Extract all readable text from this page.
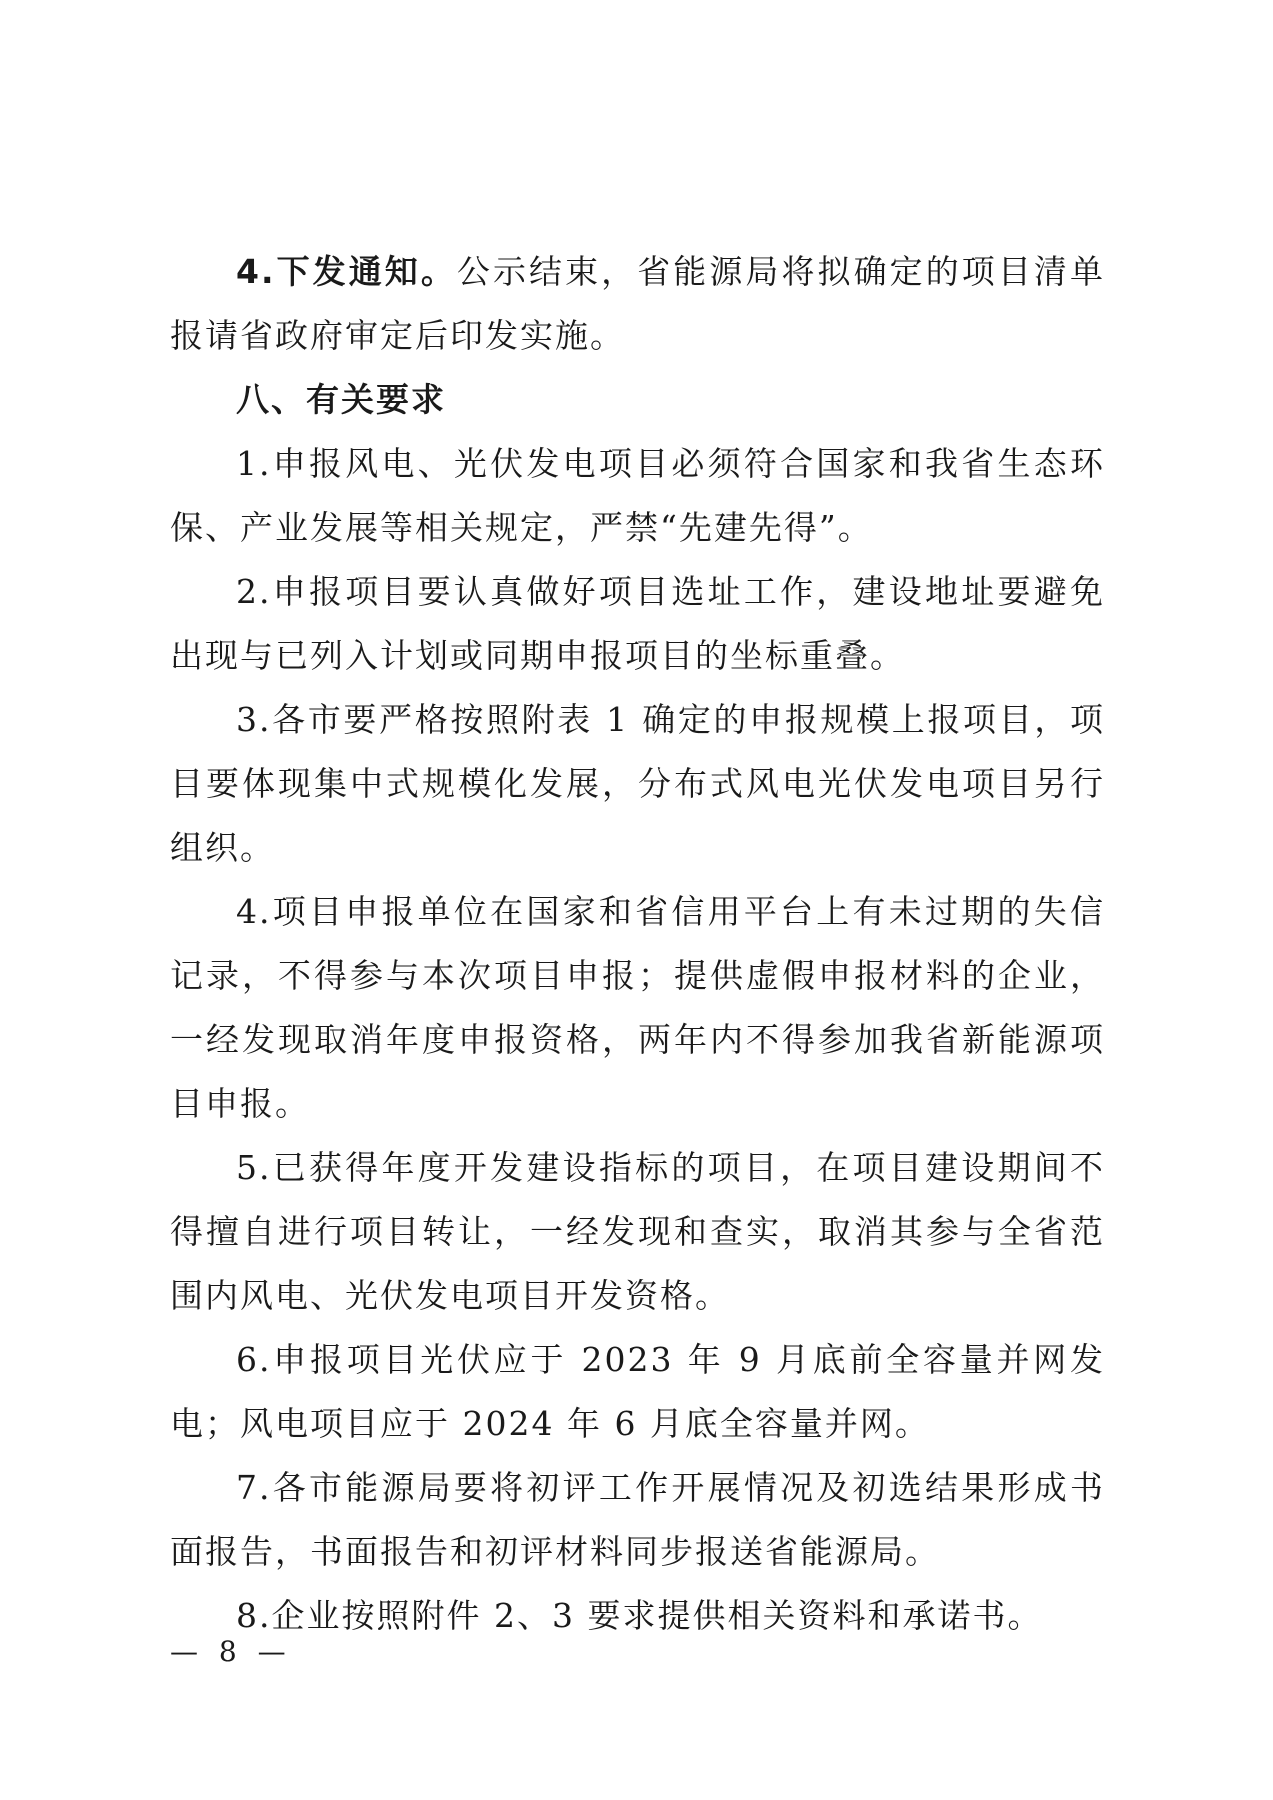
4.下发通知。公示结束，省能源局将拟确定的项目清单报请省政府审定后印发实施。

八、有关要求

1.申报风电、光伏发电项目必须符合国家和我省生态环保、产业发展等相关规定，严禁“先建先得”。

2.申报项目要认真做好项目选址工作，建设地址要避免出现与已列入计划或同期申报项目的坐标重叠。

3.各市要严格按照附表 1 确定的申报规模上报项目，项目要体现集中式规模化发展，分布式风电光伏发电项目另行组织。

4.项目申报单位在国家和省信用平台上有未过期的失信记录，不得参与本次项目申报；提供虚假申报材料的企业，一经发现取消年度申报资格，两年内不得参加我省新能源项目申报。

5.已获得年度开发建设指标的项目，在项目建设期间不得擅自进行项目转让，一经发现和查实，取消其参与全省范围内风电、光伏发电项目开发资格。

6.申报项目光伏应于 2023 年 9 月底前全容量并网发电；风电项目应于 2024 年 6 月底全容量并网。

7.各市能源局要将初评工作开展情况及初选结果形成书面报告，书面报告和初评材料同步报送省能源局。

8.企业按照附件 2、3 要求提供相关资料和承诺书。

— 8 —
